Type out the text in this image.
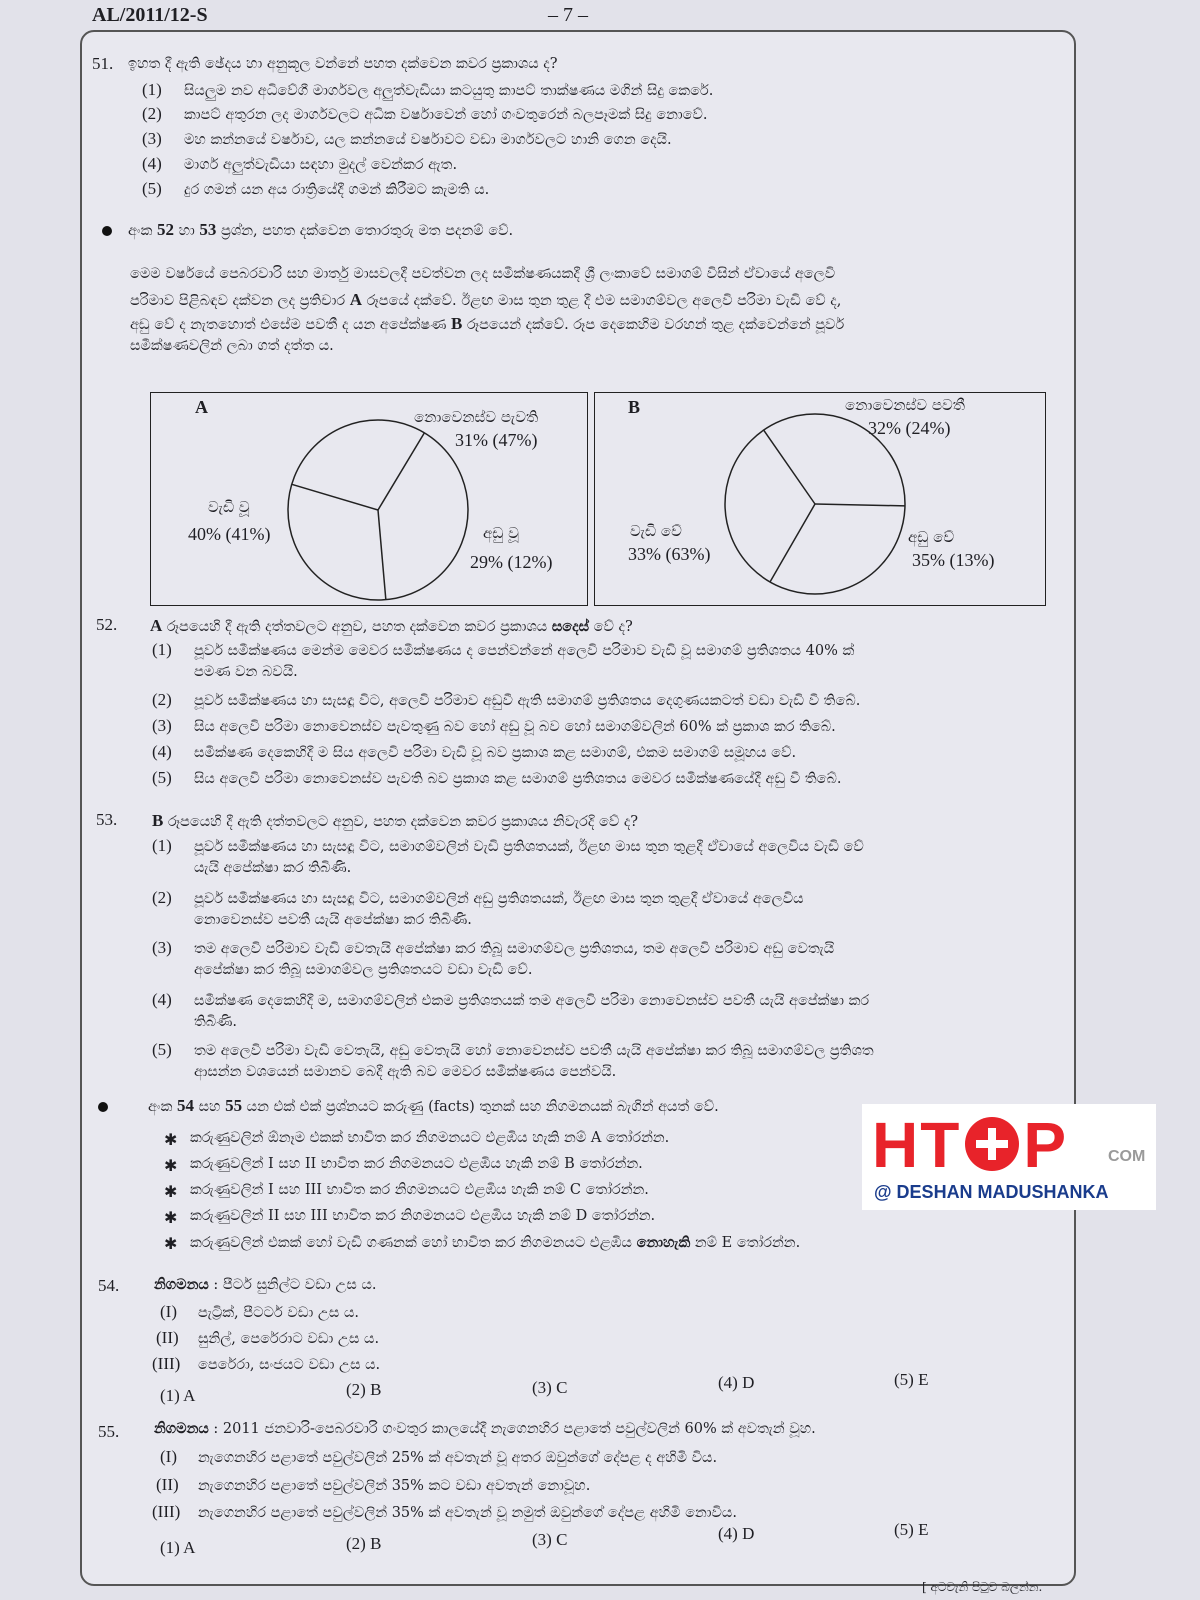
AL/2011/12-S	– 7 –
51. ඉහත දී ඇති ඡේදය හා අනුකූල වන්නේ පහත දක්වෙන කවර ප්‍රකාශය ද?
(1) සියලුම නව අධිවේගී මාර්ගවල අලුත්වැඩියා කටයුතු කාපට් තාක්ෂණය මගින් සිදු කෙරේ.
(2) කාපට් අතුරන ලද මාර්ගවලට අධික වර්ෂාවෙන් හෝ ගංවතුරෙන් බලපෑමක් සිදු නොවේ.
(3) මහ කන්නයේ වර්ෂාව, යල කන්නයේ වර්ෂාවට වඩා මාර්ගවලට හානි ගෙන දෙයි.
(4) මාර්ග අලුත්වැඩියා සඳහා මුදල් වෙන්කර ඇත.
(5) දුර ගමන් යන අය රාත්‍රියේදී ගමන් කිරීමට කැමති ය.
අංක 52 හා 53 ප්‍රශ්න, පහත දක්වෙන තොරතුරු මත පදනම් වේ.
මෙම වර්ෂයේ පෙබරවාරි සහ මාර්තු මාසවලදී පවත්වන ලද සමීක්ෂණයකදී ශ්‍රී ලංකාවේ සමාගම් විසින් ඒවායේ අලෙවි
පරිමාව පිළිබඳව දක්වන ලද ප්‍රතිචාර A රූපයේ දක්වේ. ඊළඟ මාස තුන තුළ දී එම සමාගම්වල අලෙවි පරිමා වැඩි වේ ද,
අඩු වේ ද නැතහොත් එසේම පවතී ද යන අපේක්ෂණ B රූපයෙන් දක්වේ. රූප දෙකෙහිම වරහන් තුළ දක්වෙන්නේ පූර්ව
සමීක්ෂණවලින් ලබා ගත් දත්ත ය.
A	B
නොවෙනස්ව පැවති
31% (47%)
අඩු වූ
29% (12%)
වැඩි වූ
40% (41%)
නොවෙනස්ව පවතී
32% (24%)
අඩු වේ
35% (13%)
වැඩි වේ
33% (63%)
52. A රූපයෙහි දී ඇති දත්තවලට අනුව, පහත දක්වෙන කවර ප්‍රකාශය සදෙස් වේ ද?
(1) පූර්ව සමීක්ෂණය මෙන්ම මෙවර සමීක්ෂණය ද පෙන්වන්නේ අලෙවි පරිමාව වැඩි වූ සමාගම් ප්‍රතිශතය 40% ක්
පමණ වන බවයි.
(2) පූර්ව සමීක්ෂණය හා සැසඳූ විට, අලෙවි පරිමාව අඩුවී ඇති සමාගම් ප්‍රතිශතය දෙගුණයකටත් වඩා වැඩි වී තිබේ.
(3) සිය අලෙවි පරිමා නොවෙනස්ව පැවතුණු බව හෝ අඩු වූ බව හෝ සමාගම්වලින් 60% ක් ප්‍රකාශ කර තිබේ.
(4) සමීක්ෂණ දෙකෙහිදී ම සිය අලෙවි පරිමා වැඩි වූ බව ප්‍රකාශ කළ සමාගම්, එකම සමාගම් සමූහය වේ.
(5) සිය අලෙවි පරිමා නොවෙනස්ව පැවති බව ප්‍රකාශ කළ සමාගම් ප්‍රතිශතය මෙවර සමීක්ෂණයේදී අඩු වී තිබේ.
53. B රූපයෙහි දී ඇති දත්තවලට අනුව, පහත දක්වෙන කවර ප්‍රකාශය නිවැරදි වේ ද?
(1) පූර්ව සමීක්ෂණය හා සැසඳූ විට, සමාගම්වලින් වැඩි ප්‍රතිශතයක්, ඊළඟ මාස තුන තුළදී ඒවායේ අලෙවිය වැඩි වේ
යැයි අපේක්ෂා කර තිබිණි.
(2) පූර්ව සමීක්ෂණය හා සැසඳූ විට, සමාගම්වලින් අඩු ප්‍රතිශතයක්, ඊළඟ මාස තුන තුළදී ඒවායේ අලෙවිය
නොවෙනස්ව පවතී යැයි අපේක්ෂා කර තිබිණි.
(3) තම අලෙවි පරිමාව වැඩි වෙතැයි අපේක්ෂා කර තිබූ සමාගම්වල ප්‍රතිශතය, තම අලෙවි පරිමාව අඩු වෙතැයි
අපේක්ෂා කර තිබූ සමාගම්වල ප්‍රතිශතයට වඩා වැඩි වේ.
(4) සමීක්ෂණ දෙකෙහිදී ම, සමාගම්වලින් එකම ප්‍රතිශතයක් තම අලෙවි පරිමා නොවෙනස්ව පවතී යැයි අපේක්ෂා කර
තිබිණි.
(5) තම අලෙවි පරිමා වැඩි වෙතැයි, අඩු වෙතැයි හෝ නොවෙනස්ව පවතී යැයි අපේක්ෂා කර තිබූ සමාගම්වල ප්‍රතිශත
ආසන්න වශයෙන් සමානව බෙදී ඇති බව මෙවර සමීක්ෂණය පෙන්වයි.
අංක 54 සහ 55 යන එක් එක් ප්‍රශ්නයට කරුණු (facts) තුනක් සහ නිගමනයක් බැගින් අයත් වේ.
✱ කරුණුවලින් ඕනෑම එකක් භාවිත කර නිගමනයට එළඹිය හැකි නම් A තෝරන්න.
✱ කරුණුවලින් I සහ II භාවිත කර නිගමනයට එළඹිය හැකි නම් B තෝරන්න.
✱ කරුණුවලින් I සහ III භාවිත කර නිගමනයට එළඹිය හැකි නම් C තෝරන්න.
✱ කරුණුවලින් II සහ III භාවිත කර නිගමනයට එළඹිය හැකි නම් D තෝරන්න.
✱ කරුණුවලින් එකක් හෝ වැඩි ගණනක් හෝ භාවිත කර නිගමනයට එළඹිය නොහැකි නම් E තෝරන්න.
54. නිගමනය : පීටර් සුනිල්ට වඩා උස ය.
(I) පැට්‍රික්, පීටර්ට වඩා උස ය.
(II) සුනිල්, පෙරේරාට වඩා උස ය.
(III) පෙරේරා, සංජයට වඩා උස ය.
(1) A	(2) B	(3) C	(4) D	(5) E
55. නිගමනය : 2011 ජනවාරි-පෙබරවාරි ගංවතුර කාලයේදී නැගෙනහිර පළාතේ පවුල්වලින් 60% ක් අවතැන් වූහ.
(I) නැගෙනහිර පළාතේ පවුල්වලින් 25% ක් අවතැන් වූ අතර ඔවුන්ගේ දේපළ ද අහිමි විය.
(II) නැගෙනහිර පළාතේ පවුල්වලින් 35% කට වඩා අවතැන් නොවූහ.
(III) නැගෙනහිර පළාතේ පවුල්වලින් 35% ක් අවතැන් වූ නමුත් ඔවුන්ගේ දේපළ අහිමි නොවිය.
(1) A	(2) B	(3) C	(4) D	(5) E
HT P	COM
@ DESHAN MADUSHANKA
[ අටවැනි පිටුව බලන්න.
